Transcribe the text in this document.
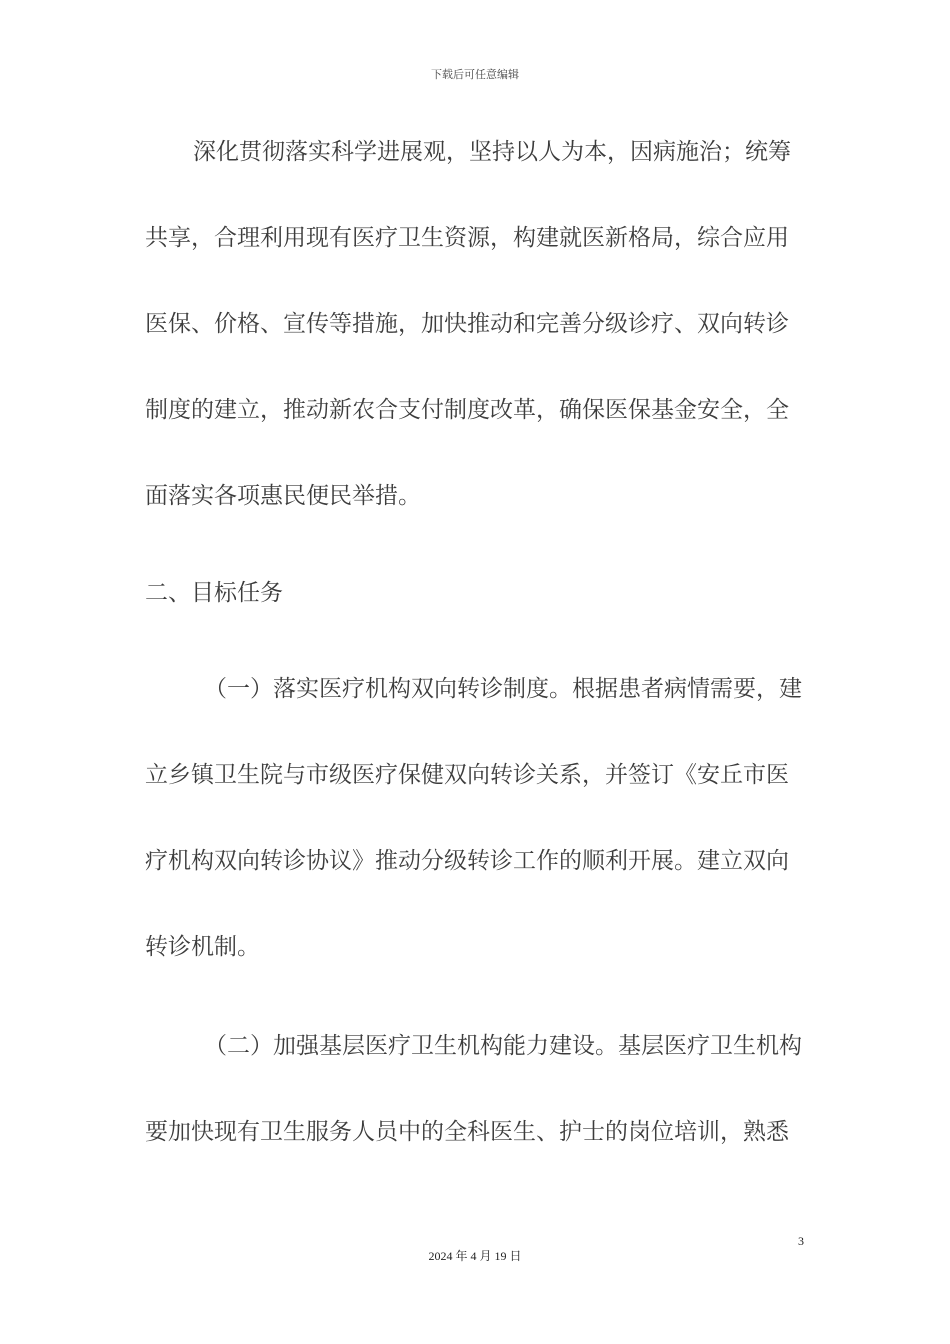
下载后可任意编辑
深化贯彻落实科学进展观，坚持以人为本，因病施治；统筹
共享，合理利用现有医疗卫生资源，构建就医新格局，综合应用
医保、价格、宣传等措施，加快推动和完善分级诊疗、双向转诊
制度的建立，推动新农合支付制度改革，确保医保基金安全，全
面落实各项惠民便民举措。
二、目标任务
（一）落实医疗机构双向转诊制度。根据患者病情需要，建
立乡镇卫生院与市级医疗保健双向转诊关系，并签订《安丘市医
疗机构双向转诊协议》推动分级转诊工作的顺利开展。建立双向
转诊机制。
（二）加强基层医疗卫生机构能力建设。基层医疗卫生机构
要加快现有卫生服务人员中的全科医生、护士的岗位培训，熟悉
3
2024 年 4 月 19 日
